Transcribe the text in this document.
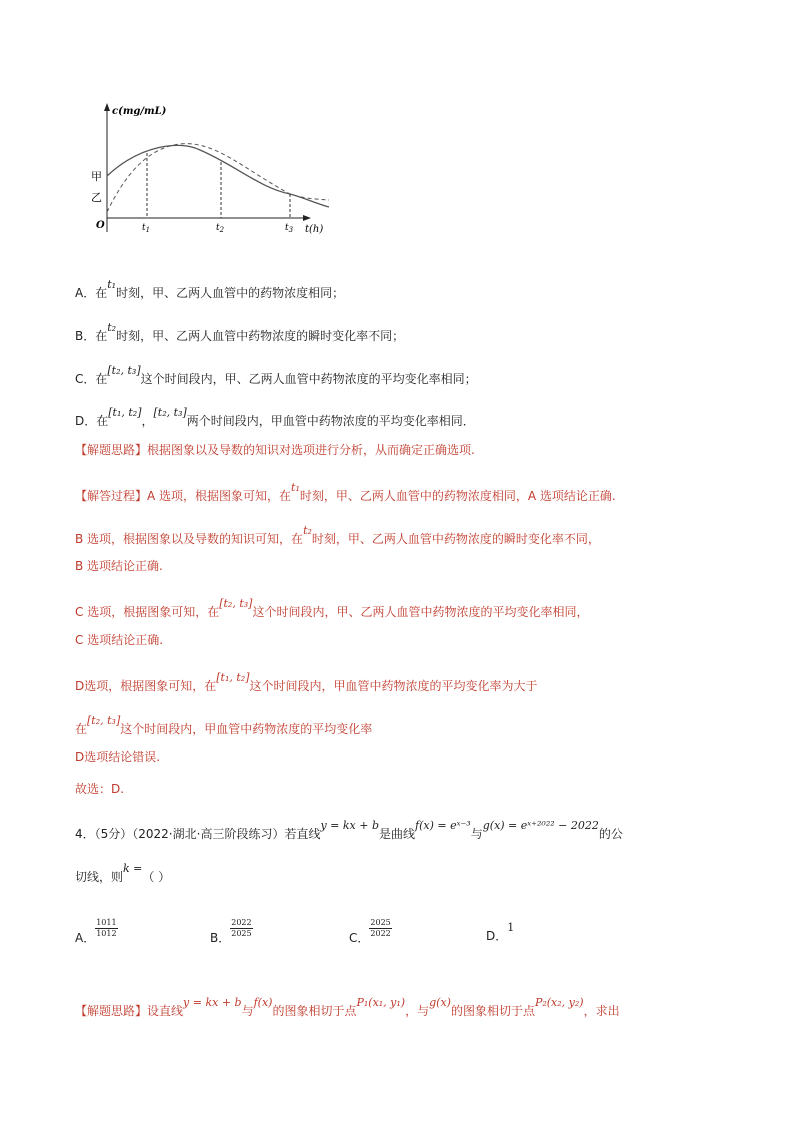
c(mg/mL)
t(h)
O
甲
乙
$t_1$	$t_2$	$t_3$
A．在t₁时刻，甲、乙两人血管中的药物浓度相同；
B．在t₂时刻，甲、乙两人血管中药物浓度的瞬时变化率不同；
C．在[t₂, t₃]这个时间段内，甲、乙两人血管中药物浓度的平均变化率相同；
D．在[t₁, t₂]，[t₂, t₃]两个时间段内，甲血管中药物浓度的平均变化率相同．
【解题思路】根据图象以及导数的知识对选项进行分析，从而确定正确选项.
【解答过程】A 选项，根据图象可知，在t₁时刻，甲、乙两人血管中的药物浓度相同，A 选项结论正确.
B 选项，根据图象以及导数的知识可知，在t₂时刻，甲、乙两人血管中药物浓度的瞬时变化率不同，
B 选项结论正确.
C 选项，根据图象可知，在[t₂, t₃]这个时间段内，甲、乙两人血管中药物浓度的平均变化率相同，
C 选项结论正确.
D选项，根据图象可知，在[t₁, t₂]这个时间段内，甲血管中药物浓度的平均变化率为大于
在[t₂, t₃]这个时间段内，甲血管中药物浓度的平均变化率
D选项结论错误.
故选：D.
4．（5分）（2022·湖北·高三阶段练习）若直线y = kx + b是曲线f(x) = eˣ⁻³与g(x) = eˣ⁺²⁰²² − 2022的公
切线，则k =（ ）
A． $\frac{1011}{1012}$	B． $\frac{2022}{2025}$	C． $\frac{2025}{2022}$	D．1
【解题思路】设直线y = kx + b与f(x)的图象相切于点P₁(x₁, y₁)，与g(x)的图象相切于点P₂(x₂, y₂)，求出
